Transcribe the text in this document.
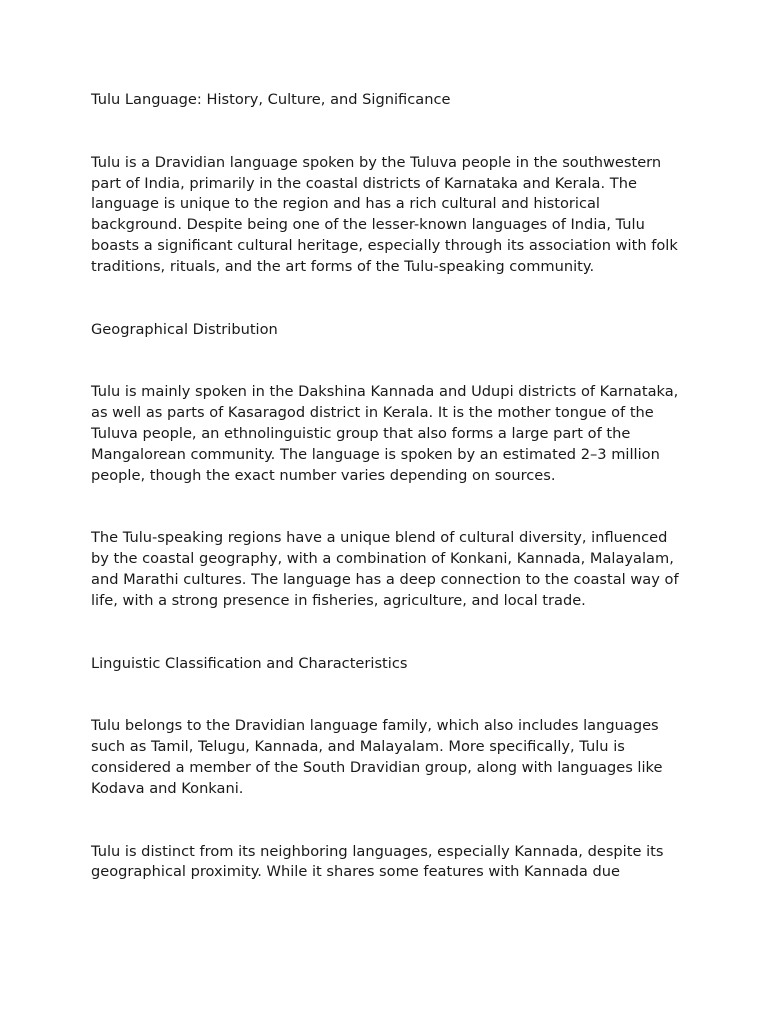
Tulu Language: History, Culture, and Significance

Tulu is a Dravidian language spoken by the Tuluva people in the southwestern part of India, primarily in the coastal districts of Karnataka and Kerala. The language is unique to the region and has a rich cultural and historical background. Despite being one of the lesser-known languages of India, Tulu boasts a significant cultural heritage, especially through its association with folk traditions, rituals, and the art forms of the Tulu-speaking community.

Geographical Distribution

Tulu is mainly spoken in the Dakshina Kannada and Udupi districts of Karnataka, as well as parts of Kasaragod district in Kerala. It is the mother tongue of the Tuluva people, an ethnolinguistic group that also forms a large part of the Mangalorean community. The language is spoken by an estimated 2–3 million people, though the exact number varies depending on sources.

The Tulu-speaking regions have a unique blend of cultural diversity, influenced by the coastal geography, with a combination of Konkani, Kannada, Malayalam, and Marathi cultures. The language has a deep connection to the coastal way of life, with a strong presence in fisheries, agriculture, and local trade.

Linguistic Classification and Characteristics

Tulu belongs to the Dravidian language family, which also includes languages such as Tamil, Telugu, Kannada, and Malayalam. More specifically, Tulu is considered a member of the South Dravidian group, along with languages like Kodava and Konkani.

Tulu is distinct from its neighboring languages, especially Kannada, despite its geographical proximity. While it shares some features with Kannada due
